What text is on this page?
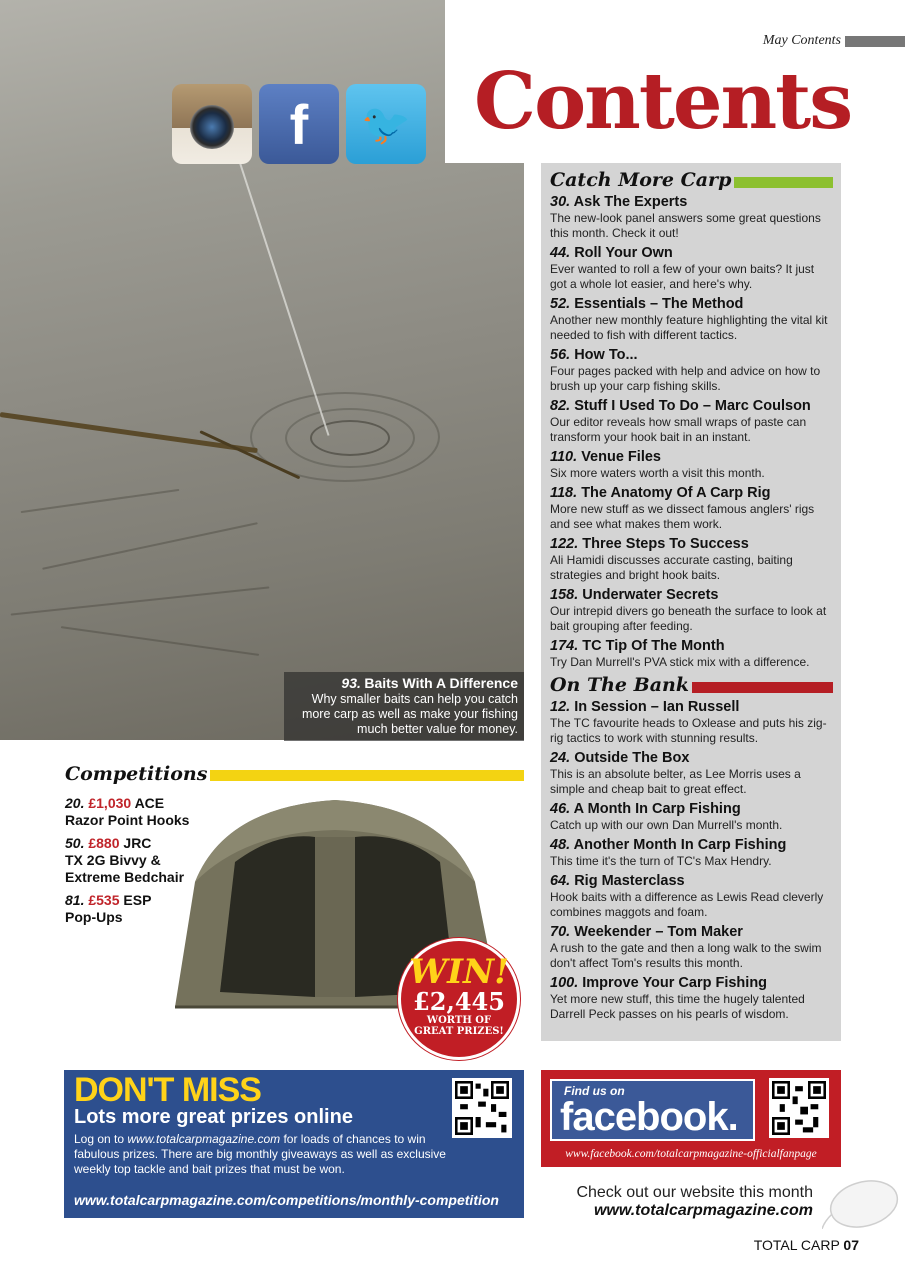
f 🐦
May Contents
Contents
93. Baits With A Difference
Why smaller baits can help you catch more carp as well as make your fishing much better value for money.
Catch More Carp
30. Ask The Experts
The new-look panel answers some great questions this month. Check it out!
44. Roll Your Own
Ever wanted to roll a few of your own baits? It just got a whole lot easier, and here's why.
52. Essentials – The Method
Another new monthly feature highlighting the vital kit needed to fish with different tactics.
56. How To...
Four pages packed with help and advice on how to brush up your carp fishing skills.
82. Stuff I Used To Do – Marc Coulson
Our editor reveals how small wraps of paste can transform your hook bait in an instant.
110. Venue Files
Six more waters worth a visit this month.
118. The Anatomy Of A Carp Rig
More new stuff as we dissect famous anglers' rigs and see what makes them work.
122. Three Steps To Success
Ali Hamidi discusses accurate casting, baiting strategies and bright hook baits.
158. Underwater Secrets
Our intrepid divers go beneath the surface to look at bait grouping after feeding.
174. TC Tip Of The Month
Try Dan Murrell's PVA stick mix with a difference.
On The Bank
12. In Session – Ian Russell
The TC favourite heads to Oxlease and puts his zig-rig tactics to work with stunning results.
24. Outside The Box
This is an absolute belter, as Lee Morris uses a simple and cheap bait to great effect.
46. A Month In Carp Fishing
Catch up with our own Dan Murrell's month.
48. Another Month In Carp Fishing
This time it's the turn of TC's Max Hendry.
64. Rig Masterclass
Hook baits with a difference as Lewis Read cleverly combines maggots and foam.
70. Weekender – Tom Maker
A rush to the gate and then a long walk to the swim don't affect Tom's results this month.
100. Improve Your Carp Fishing
Yet more new stuff, this time the hugely talented Darrell Peck passes on his pearls of wisdom.
Competitions
20. £1,030 ACE
Razor Point Hooks
50. £880 JRC
TX 2G Bivvy &
Extreme Bedchair
81. £535 ESP
Pop-Ups
WIN!
£2,445
WORTH OF
GREAT PRIZES!
DON'T MISS
Lots more great prizes online
Log on to www.totalcarpmagazine.com for loads of chances to win fabulous prizes. There are big monthly giveaways as well as exclusive weekly top tackle and bait prizes that must be won.
www.totalcarpmagazine.com/competitions/monthly-competition
Find us on
facebook.
www.facebook.com/totalcarpmagazine-officialfanpage
Check out our website this month
www.totalcarpmagazine.com
TOTAL CARP 07
